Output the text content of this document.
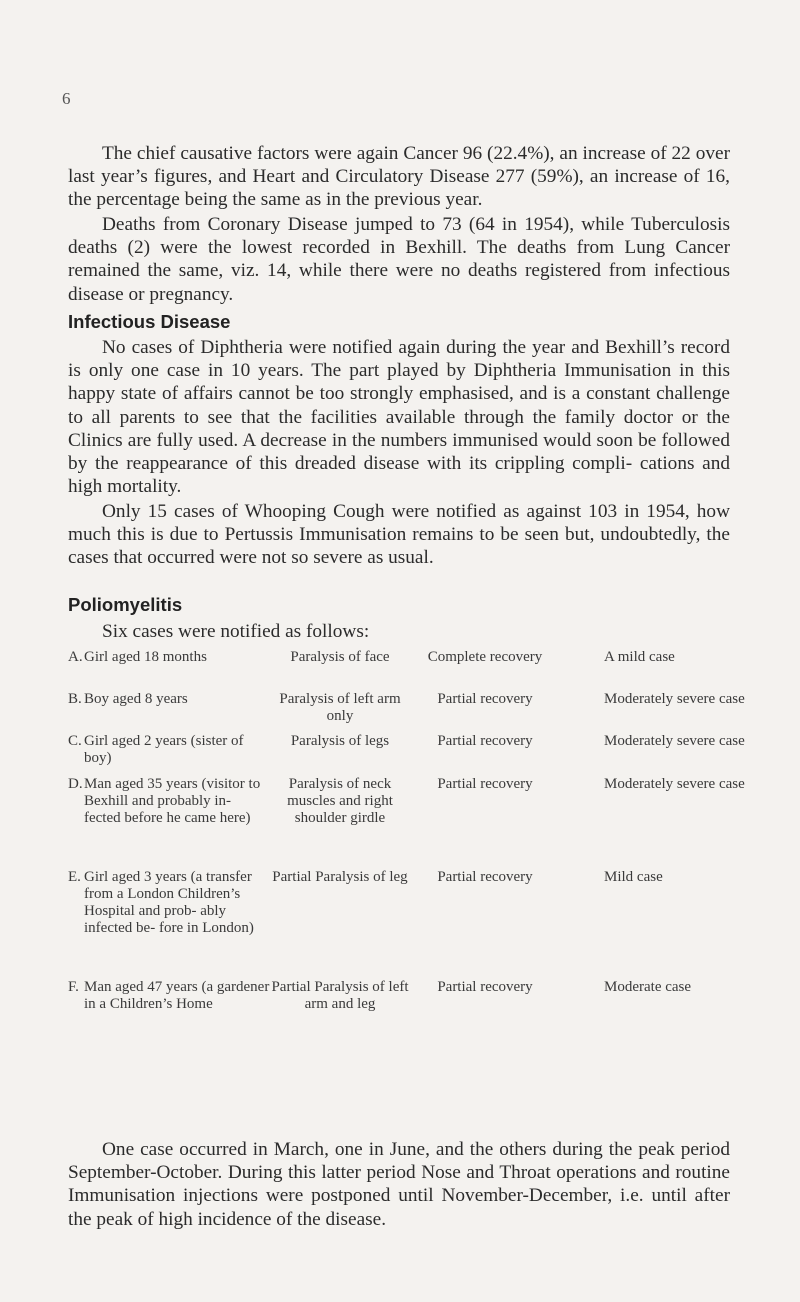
6

The chief causative factors were again Cancer 96 (22.4%), an increase of 22 over last year’s figures, and Heart and Circulatory Disease 277 (59%), an increase of 16, the percentage being the same as in the previous year.

Deaths from Coronary Disease jumped to 73 (64 in 1954), while Tuberculosis deaths (2) were the lowest recorded in Bexhill. The deaths from Lung Cancer remained the same, viz. 14, while there were no deaths registered from infectious disease or pregnancy.

Infectious Disease

No cases of Diphtheria were notified again during the year and Bexhill’s record is only one case in 10 years. The part played by Diphtheria Immunisation in this happy state of affairs cannot be too strongly emphasised, and is a constant challenge to all parents to see that the facilities available through the family doctor or the Clinics are fully used. A decrease in the numbers immunised would soon be followed by the reappearance of this dreaded disease with its crippling compli- cations and high mortality.

Only 15 cases of Whooping Cough were notified as against 103 in 1954, how much this is due to Pertussis Immunisation remains to be seen but, undoubtedly, the cases that occurred were not so severe as usual.

Poliomyelitis

Six cases were notified as follows:

A.	Girl aged 18 months	Paralysis of face	Complete recovery	A mild case
B.	Boy aged 8 years	Paralysis of left arm only	Partial recovery	Moderately severe case
C.	Girl aged 2 years (sister of boy)	Paralysis of legs	Partial recovery	Moderately severe case
D.	Man aged 35 years (visitor to Bexhill and probably in- fected before he came here)	Paralysis of neck muscles and right shoulder girdle	Partial recovery	Moderately severe case
E.	Girl aged 3 years (a transfer from a London Children’s Hospital and prob- ably infected be- fore in London)	Partial Paralysis of leg	Partial recovery	Mild case
F.	Man aged 47 years (a gardener in a Children’s Home	Partial Paralysis of left arm and leg	Partial recovery	Moderate case

One case occurred in March, one in June, and the others during the peak period September-October. During this latter period Nose and Throat operations and routine Immunisation injections were postponed until November-December, i.e. until after the peak of high incidence of the disease.
